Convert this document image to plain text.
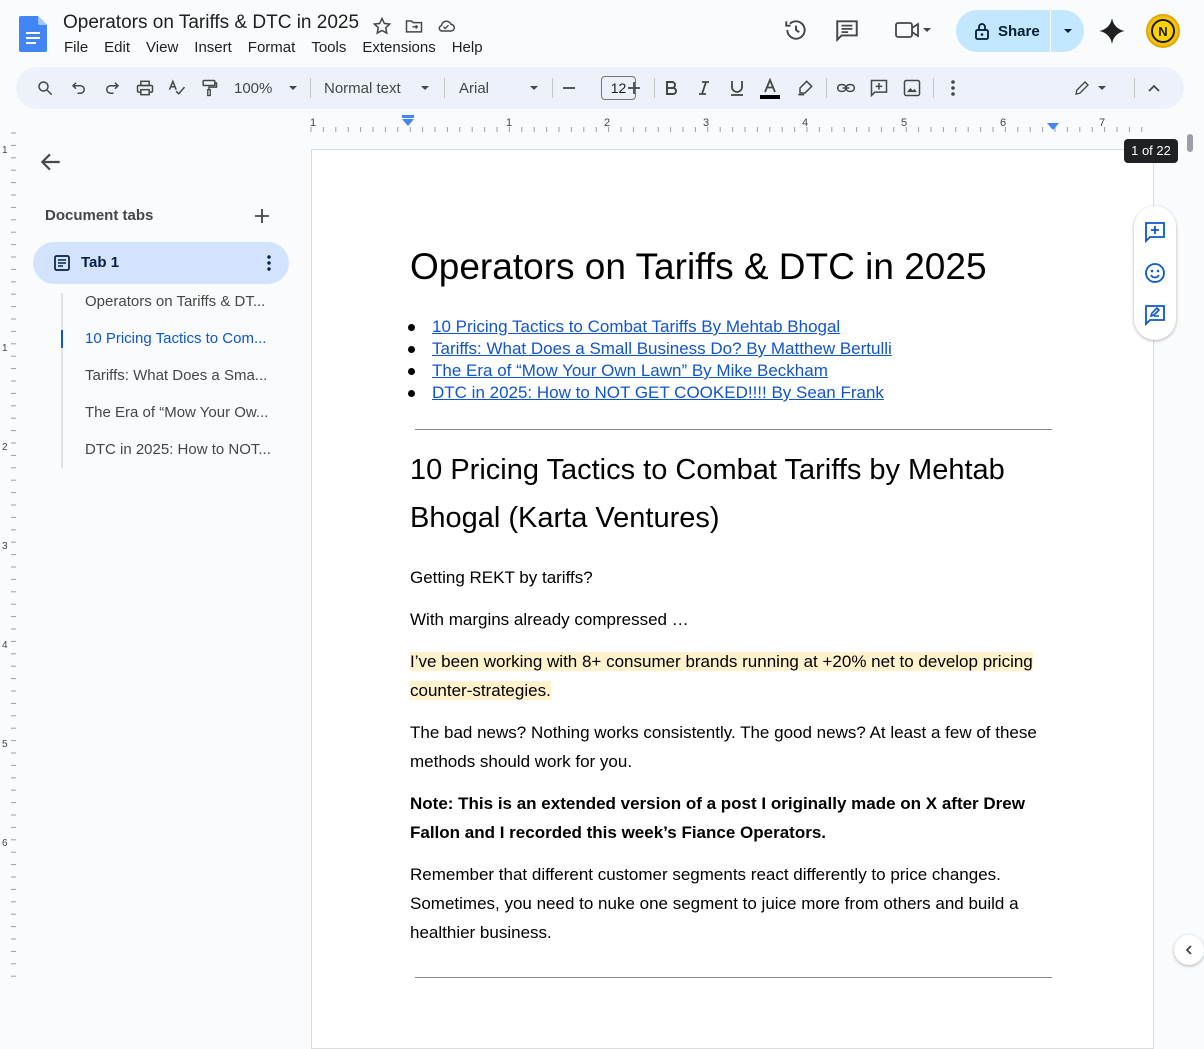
Operators on Tariffs & DTC in 2025
File	Edit	View	Insert	Format	Tools	Extensions	Help
Share	N
100%	Normal text	Arial	12
1	1	2	3	4	5	6	7
1
1
2
3
4
5
6
Document tabs
Tab 1
Operators on Tariffs & DT...
10 Pricing Tactics to Com...
Tariffs: What Does a Sma...
The Era of “Mow Your Ow...
DTC in 2025: How to NOT...
Operators on Tariffs & DTC in 2025
10 Pricing Tactics to Combat Tariffs By Mehtab Bhogal
Tariffs: What Does a Small Business Do? By Matthew Bertulli
The Era of “Mow Your Own Lawn” By Mike Beckham
DTC in 2025: How to NOT GET COOKED!!!! By Sean Frank
10 Pricing Tactics to Combat Tariffs by Mehtab Bhogal (Karta Ventures)
Getting REKT by tariffs?
With margins already compressed …
I’ve been working with 8+ consumer brands running at +20% net to develop pricing counter-strategies.
The bad news? Nothing works consistently. The good news? At least a few of these methods should work for you.
Note: This is an extended version of a post I originally made on X after Drew Fallon and I recorded this week’s Fiance Operators.
Remember that different customer segments react differently to price changes. Sometimes, you need to nuke one segment to juice more from others and build a healthier business.
1 of 22
